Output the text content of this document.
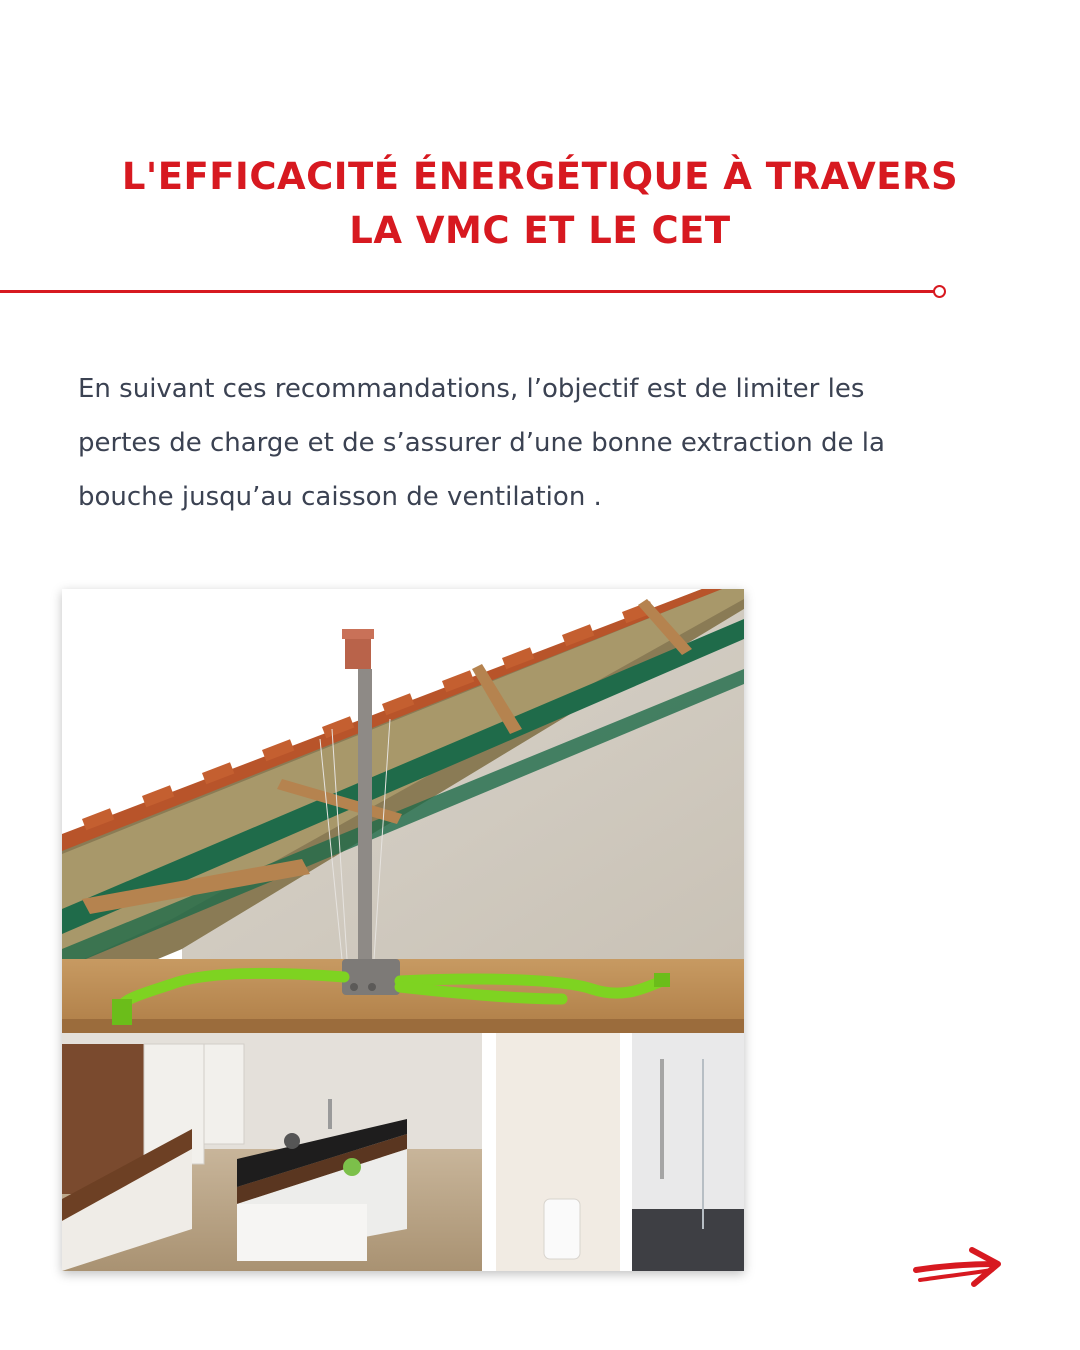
L'EFFICACITÉ ÉNERGÉTIQUE À TRAVERS
LA VMC ET LE CET

En suivant ces recommandations, l’objectif est de limiter les
pertes de charge et de s’assurer d’une bonne extraction de la
bouche jusqu’au caisson de ventilation .
